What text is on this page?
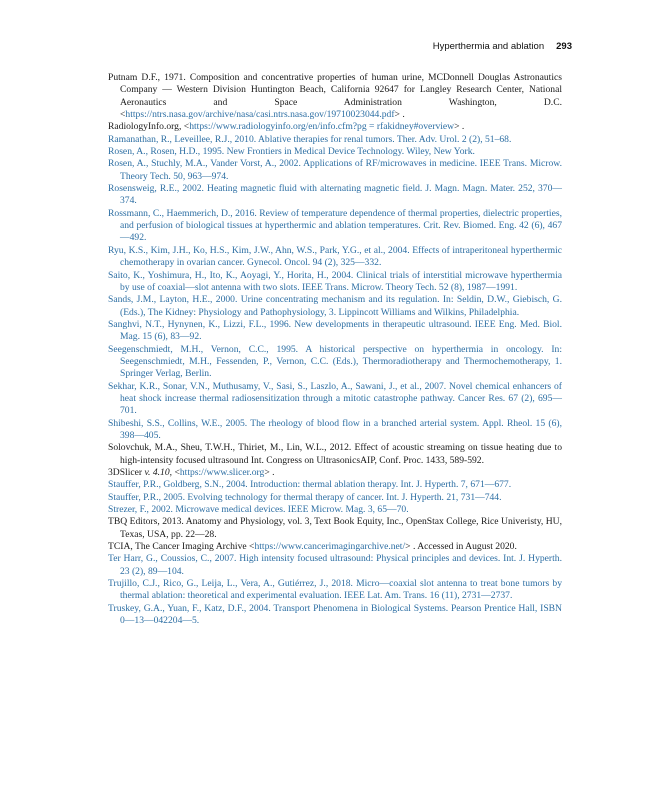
Hyperthermia and ablation 293
Putnam D.F., 1971. Composition and concentrative properties of human urine, MCDonnell Douglas Astronautics Company — Western Division Huntington Beach, California 92647 for Langley Research Center, National Aeronautics and Space Administration Washington, D.C. <https://ntrs.nasa.gov/archive/nasa/casi.ntrs.nasa.gov/19710023044.pdf> .
RadiologyInfo.org, <https://www.radiologyinfo.org/en/info.cfm?pg = rfakidney#overview> .
Ramanathan, R., Leveillee, R.J., 2010. Ablative therapies for renal tumors. Ther. Adv. Urol. 2 (2), 51–68.
Rosen, A., Rosen, H.D., 1995. New Frontiers in Medical Device Technology. Wiley, New York.
Rosen, A., Stuchly, M.A., Vander Vorst, A., 2002. Applications of RF/microwaves in medicine. IEEE Trans. Microw. Theory Tech. 50, 963—974.
Rosensweig, R.E., 2002. Heating magnetic fluid with alternating magnetic field. J. Magn. Magn. Mater. 252, 370—374.
Rossmann, C., Haemmerich, D., 2016. Review of temperature dependence of thermal properties, dielectric properties, and perfusion of biological tissues at hyperthermic and ablation temperatures. Crit. Rev. Biomed. Eng. 42 (6), 467—492.
Ryu, K.S., Kim, J.H., Ko, H.S., Kim, J.W., Ahn, W.S., Park, Y.G., et al., 2004. Effects of intraperitoneal hyperthermic chemotherapy in ovarian cancer. Gynecol. Oncol. 94 (2), 325—332.
Saito, K., Yoshimura, H., Ito, K., Aoyagi, Y., Horita, H., 2004. Clinical trials of interstitial microwave hyperthermia by use of coaxial—slot antenna with two slots. IEEE Trans. Microw. Theory Tech. 52 (8), 1987—1991.
Sands, J.M., Layton, H.E., 2000. Urine concentrating mechanism and its regulation. In: Seldin, D.W., Giebisch, G. (Eds.), The Kidney: Physiology and Pathophysiology, 3. Lippincott Williams and Wilkins, Philadelphia.
Sanghvi, N.T., Hynynen, K., Lizzi, F.L., 1996. New developments in therapeutic ultrasound. IEEE Eng. Med. Biol. Mag. 15 (6), 83—92.
Seegenschmiedt, M.H., Vernon, C.C., 1995. A historical perspective on hyperthermia in oncology. In: Seegenschmiedt, M.H., Fessenden, P., Vernon, C.C. (Eds.), Thermoradiotherapy and Thermochemotherapy, 1. Springer Verlag, Berlin.
Sekhar, K.R., Sonar, V.N., Muthusamy, V., Sasi, S., Laszlo, A., Sawani, J., et al., 2007. Novel chemical enhancers of heat shock increase thermal radiosensitization through a mitotic catastrophe pathway. Cancer Res. 67 (2), 695—701.
Shibeshi, S.S., Collins, W.E., 2005. The rheology of blood flow in a branched arterial system. Appl. Rheol. 15 (6), 398—405.
Solovchuk, M.A., Sheu, T.W.H., Thiriet, M., Lin, W.L., 2012. Effect of acoustic streaming on tissue heating due to high-intensity focused ultrasound Int. Congress on UltrasonicsAIP, Conf. Proc. 1433, 589-592.
3DSlicer v. 4.10, <https://www.slicer.org> .
Stauffer, P.R., Goldberg, S.N., 2004. Introduction: thermal ablation therapy. Int. J. Hyperth. 7, 671—677.
Stauffer, P.R., 2005. Evolving technology for thermal therapy of cancer. Int. J. Hyperth. 21, 731—744.
Strezer, F., 2002. Microwave medical devices. IEEE Microw. Mag. 3, 65—70.
TBQ Editors, 2013. Anatomy and Physiology, vol. 3, Text Book Equity, Inc., OpenStax College, Rice Univeristy, HU, Texas, USA, pp. 22—28.
TCIA, The Cancer Imaging Archive <https://www.cancerimagingarchive.net/> . Accessed in August 2020.
Ter Harr, G., Coussios, C., 2007. High intensity focused ultrasound: Physical principles and devices. Int. J. Hyperth. 23 (2), 89—104.
Trujillo, C.J., Rico, G., Leija, L., Vera, A., Gutiérrez, J., 2018. Micro—coaxial slot antenna to treat bone tumors by thermal ablation: theoretical and experimental evaluation. IEEE Lat. Am. Trans. 16 (11), 2731—2737.
Truskey, G.A., Yuan, F., Katz, D.F., 2004. Transport Phenomena in Biological Systems. Pearson Prentice Hall, ISBN 0—13—042204—5.
